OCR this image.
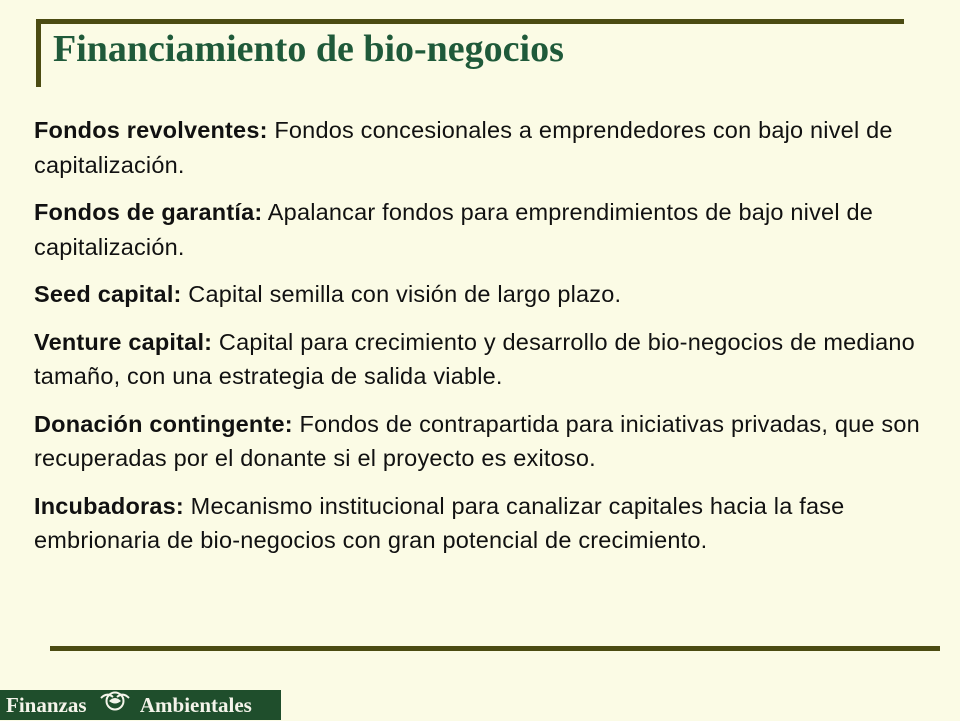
Financiamiento de bio-negocios

Fondos revolventes: Fondos concesionales a emprendedores con bajo nivel de capitalización.

Fondos de garantía: Apalancar fondos para emprendimientos de bajo nivel de capitalización.

Seed capital: Capital semilla con visión de largo plazo.

Venture capital: Capital para crecimiento y desarrollo de bio-negocios de mediano tamaño, con una estrategia de salida viable.

Donación contingente: Fondos de contrapartida para iniciativas privadas, que son recuperadas por el donante si el proyecto es exitoso.

Incubadoras: Mecanismo institucional para canalizar capitales hacia la fase embrionaria de bio-negocios con gran potencial de crecimiento.

Finanzas	Ambientales
